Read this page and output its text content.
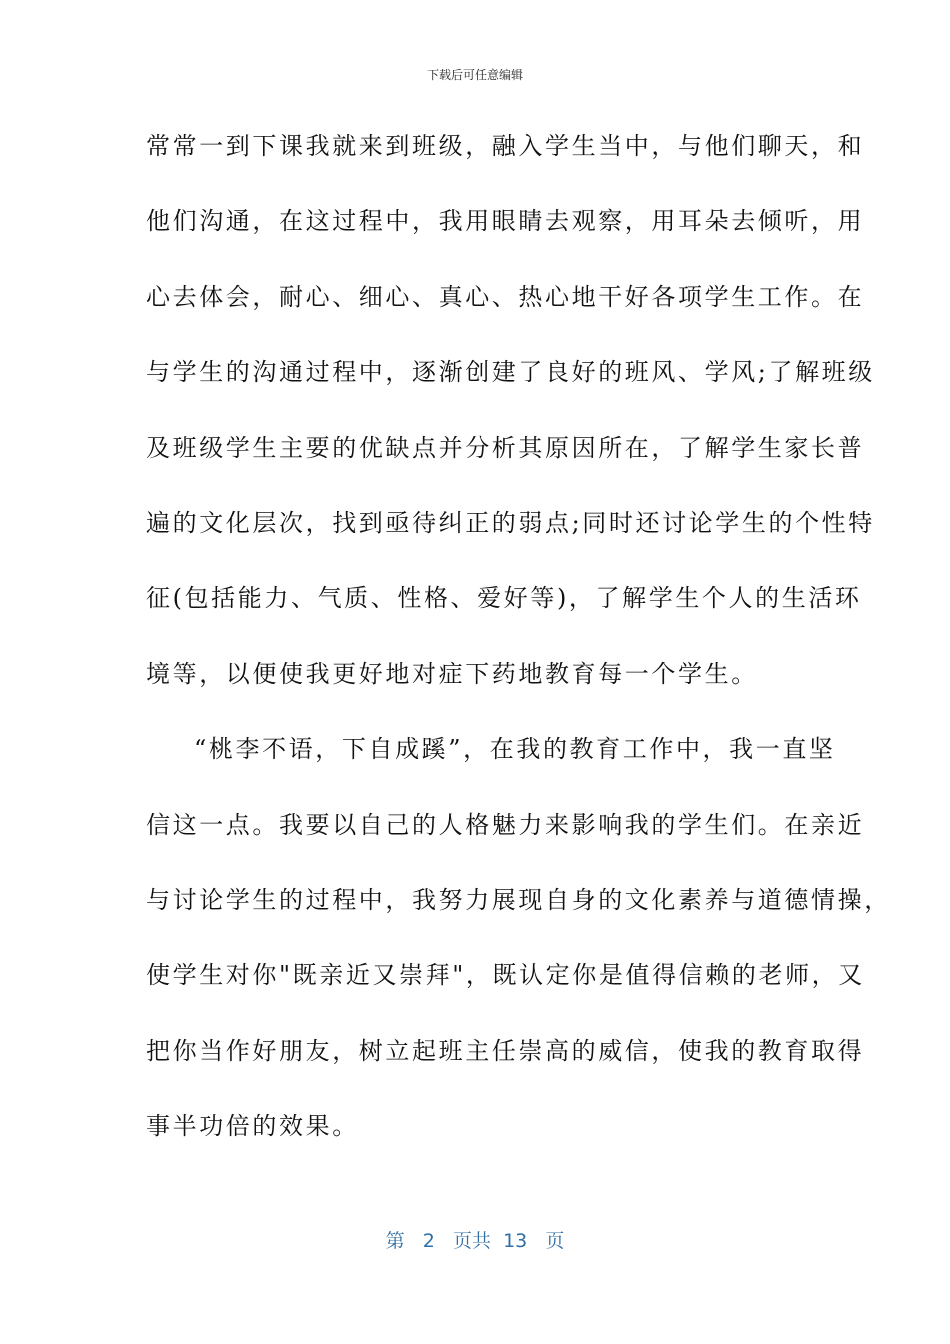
下载后可任意编辑
常常一到下课我就来到班级，融入学生当中，与他们聊天，和
他们沟通，在这过程中，我用眼睛去观察，用耳朵去倾听，用
心去体会，耐心、细心、真心、热心地干好各项学生工作。在
与学生的沟通过程中，逐渐创建了良好的班风、学风;了解班级
及班级学生主要的优缺点并分析其原因所在，了解学生家长普
遍的文化层次，找到亟待纠正的弱点;同时还讨论学生的个性特
征(包括能力、气质、性格、爱好等)，了解学生个人的生活环
境等，以便使我更好地对症下药地教育每一个学生。
“桃李不语，下自成蹊”，在我的教育工作中，我一直坚
信这一点。我要以自己的人格魅力来影响我的学生们。在亲近
与讨论学生的过程中，我努力展现自身的文化素养与道德情操，
使学生对你"既亲近又崇拜"，既认定你是值得信赖的老师，又
把你当作好朋友，树立起班主任崇高的威信，使我的教育取得
事半功倍的效果。
第 2 页共 13 页
